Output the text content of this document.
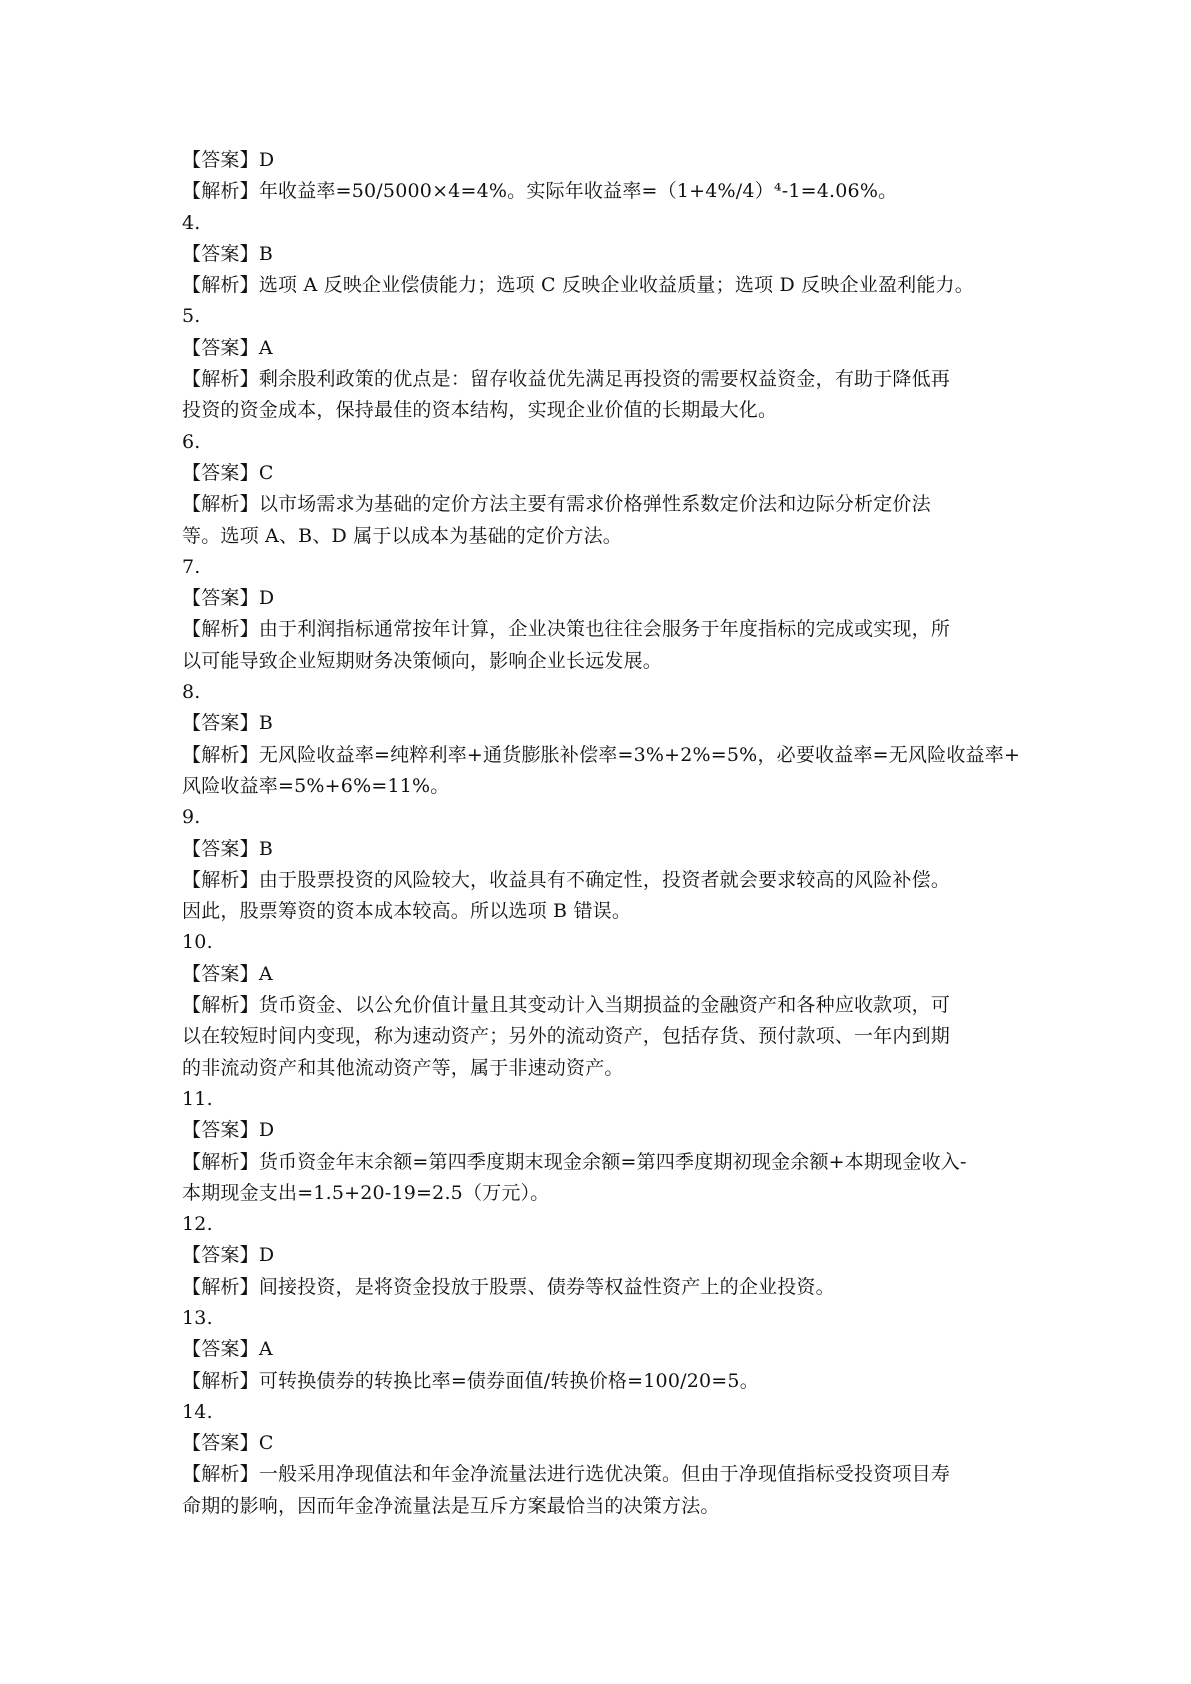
【答案】D
【解析】年收益率=50/5000×4=4%。实际年收益率=（1+4%/4）⁴-1=4.06%。
4.
【答案】B
【解析】选项 A 反映企业偿债能力；选项 C 反映企业收益质量；选项 D 反映企业盈利能力。
5.
【答案】A
【解析】剩余股利政策的优点是：留存收益优先满足再投资的需要权益资金，有助于降低再
投资的资金成本，保持最佳的资本结构，实现企业价值的长期最大化。
6.
【答案】C
【解析】以市场需求为基础的定价方法主要有需求价格弹性系数定价法和边际分析定价法
等。选项 A、B、D 属于以成本为基础的定价方法。
7.
【答案】D
【解析】由于利润指标通常按年计算，企业决策也往往会服务于年度指标的完成或实现，所
以可能导致企业短期财务决策倾向，影响企业长远发展。
8.
【答案】B
【解析】无风险收益率=纯粹利率+通货膨胀补偿率=3%+2%=5%，必要收益率=无风险收益率+
风险收益率=5%+6%=11%。
9.
【答案】B
【解析】由于股票投资的风险较大，收益具有不确定性，投资者就会要求较高的风险补偿。
因此，股票筹资的资本成本较高。所以选项 B 错误。
10.
【答案】A
【解析】货币资金、以公允价值计量且其变动计入当期损益的金融资产和各种应收款项，可
以在较短时间内变现，称为速动资产；另外的流动资产，包括存货、预付款项、一年内到期
的非流动资产和其他流动资产等，属于非速动资产。
11.
【答案】D
【解析】货币资金年末余额=第四季度期末现金余额=第四季度期初现金余额+本期现金收入-
本期现金支出=1.5+20-19=2.5（万元）。
12.
【答案】D
【解析】间接投资，是将资金投放于股票、债券等权益性资产上的企业投资。
13.
【答案】A
【解析】可转换债券的转换比率=债券面值/转换价格=100/20=5。
14.
【答案】C
【解析】一般采用净现值法和年金净流量法进行选优决策。但由于净现值指标受投资项目寿
命期的影响，因而年金净流量法是互斥方案最恰当的决策方法。
